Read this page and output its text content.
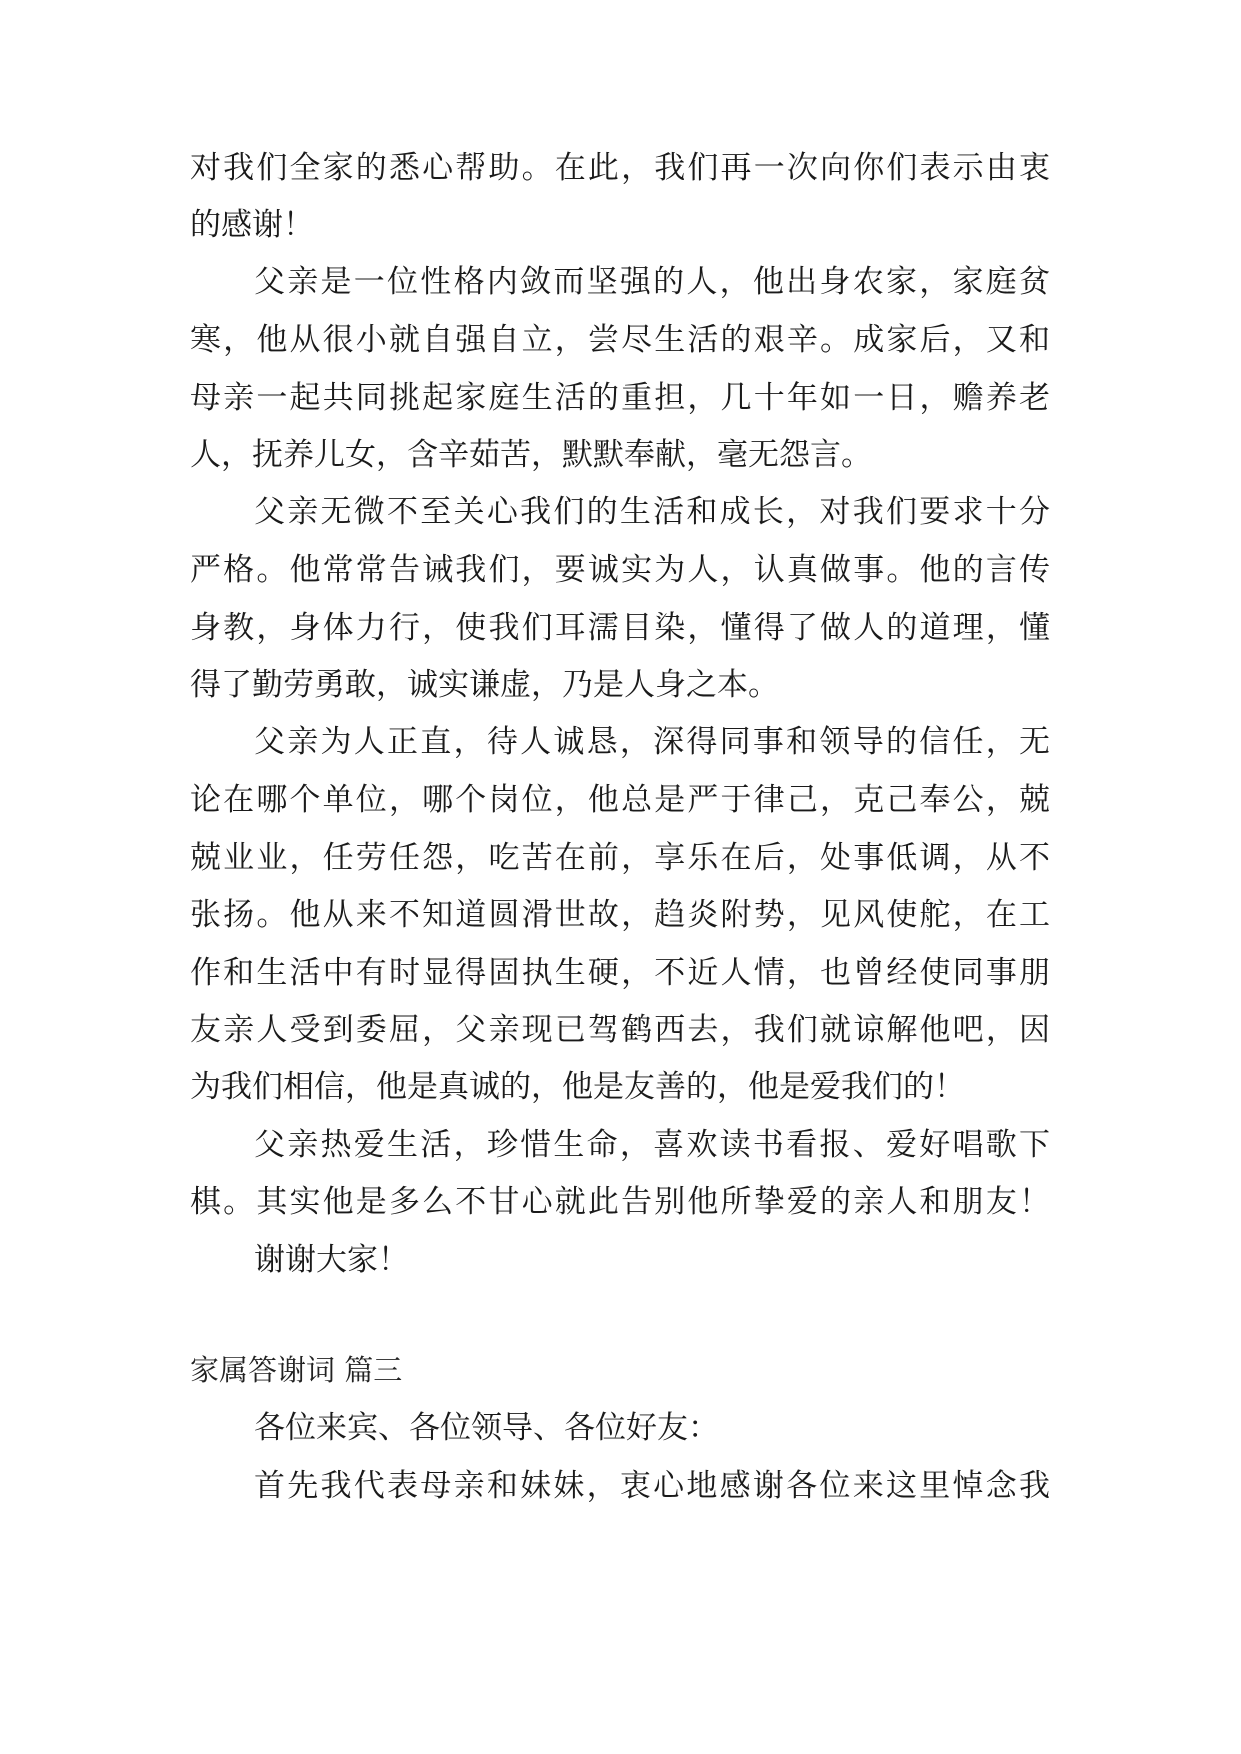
对我们全家的悉心帮助。在此，我们再一次向你们表示由衷
的感谢！
父亲是一位性格内敛而坚强的人，他出身农家，家庭贫
寒，他从很小就自强自立，尝尽生活的艰辛。成家后，又和
母亲一起共同挑起家庭生活的重担，几十年如一日，赡养老
人，抚养儿女，含辛茹苦，默默奉献，毫无怨言。
父亲无微不至关心我们的生活和成长，对我们要求十分
严格。他常常告诫我们，要诚实为人，认真做事。他的言传
身教，身体力行，使我们耳濡目染，懂得了做人的道理，懂
得了勤劳勇敢，诚实谦虚，乃是人身之本。
父亲为人正直，待人诚恳，深得同事和领导的信任，无
论在哪个单位，哪个岗位，他总是严于律己，克己奉公，兢
兢业业，任劳任怨，吃苦在前，享乐在后，处事低调，从不
张扬。他从来不知道圆滑世故，趋炎附势，见风使舵，在工
作和生活中有时显得固执生硬，不近人情，也曾经使同事朋
友亲人受到委屈，父亲现已驾鹤西去，我们就谅解他吧，因
为我们相信，他是真诚的，他是友善的，他是爱我们的！
父亲热爱生活，珍惜生命，喜欢读书看报、爱好唱歌下
棋。其实他是多么不甘心就此告别他所挚爱的亲人和朋友！
谢谢大家！
家属答谢词 篇三
各位来宾、各位领导、各位好友：
首先我代表母亲和妹妹，衷心地感谢各位来这里悼念我
